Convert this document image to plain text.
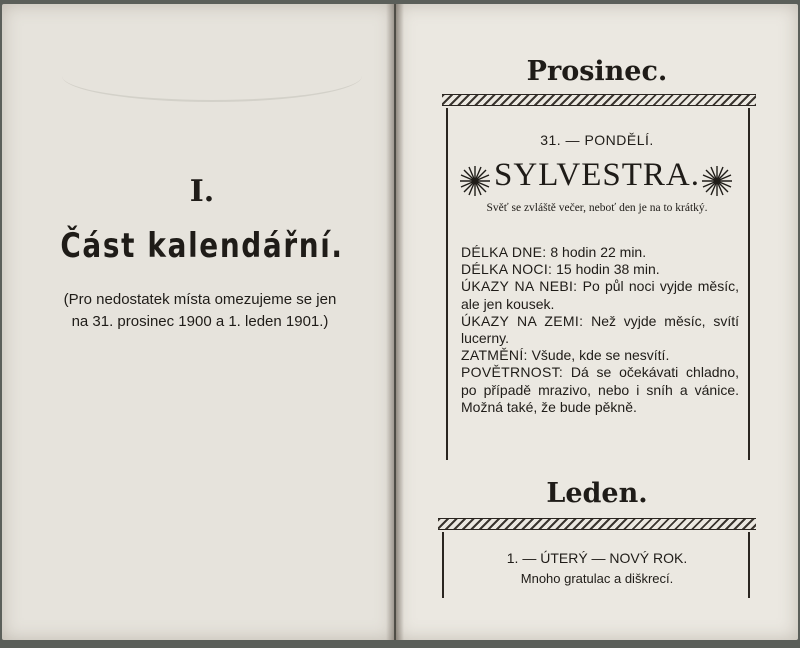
I.
Část kalendářní.
(Pro nedostatek místa omezujeme se jen
na 31. prosinec 1900 a 1. leden 1901.)
Prosinec.
31. — PONDĚLÍ.
SYLVESTRA.
Svěť se zvláště večer, neboť den je na to krátký.

DÉLKA DNE: 8 hodin 22 min.

DÉLKA NOCI: 15 hodin 38 min.

ÚKAZY NA NEBI: Po půl noci vyjde měsíc, ale jen kousek.

ÚKAZY NA ZEMI: Než vyjde měsíc, svítí lucerny.

ZATMĚNÍ: Všude, kde se nesvítí.

POVĚTRNOST: Dá se očekávati chladno, po případě mrazivo, nebo i sníh a vánice. Možná také, že bude pěkně.

Leden.
1. — ÚTERÝ — NOVÝ ROK.
Mnoho gratulac a diškrecí.
